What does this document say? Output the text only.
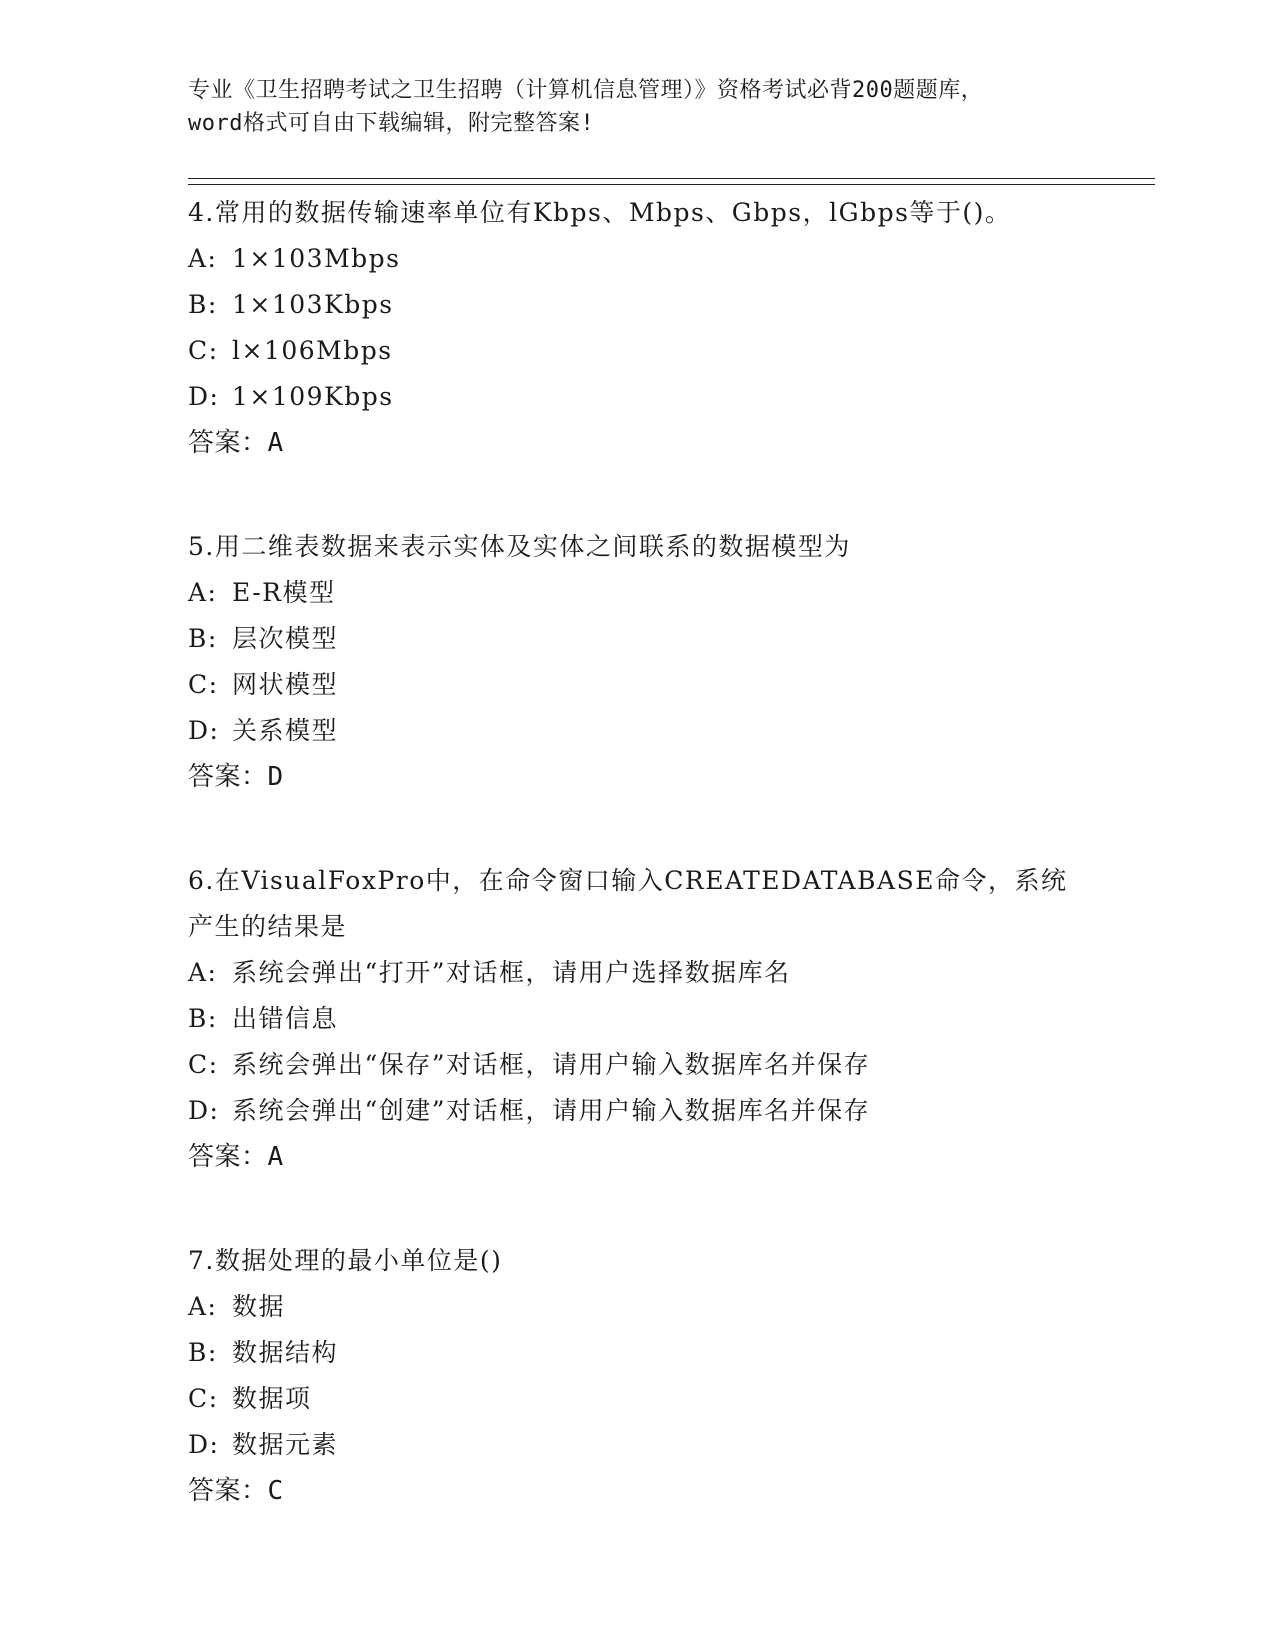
专业《卫生招聘考试之卫生招聘（计算机信息管理）》资格考试必背200题题库，
word格式可自由下载编辑，附完整答案!
4.常用的数据传输速率单位有Kbps、Mbps、Gbps，lGbps等于()。
A: 1×103Mbps
B: 1×103Kbps
C: l×106Mbps
D: 1×109Kbps
答案：A
5.用二维表数据来表示实体及实体之间联系的数据模型为
A: E-R模型
B: 层次模型
C: 网状模型
D: 关系模型
答案：D
6.在VisualFoxPro中，在命令窗口输入CREATEDATABASE命令，系统
产生的结果是
A: 系统会弹出“打开”对话框，请用户选择数据库名
B: 出错信息
C: 系统会弹出“保存”对话框，请用户输入数据库名并保存
D: 系统会弹出“创建”对话框，请用户输入数据库名并保存
答案：A
7.数据处理的最小单位是()
A: 数据
B: 数据结构
C: 数据项
D: 数据元素
答案：C
